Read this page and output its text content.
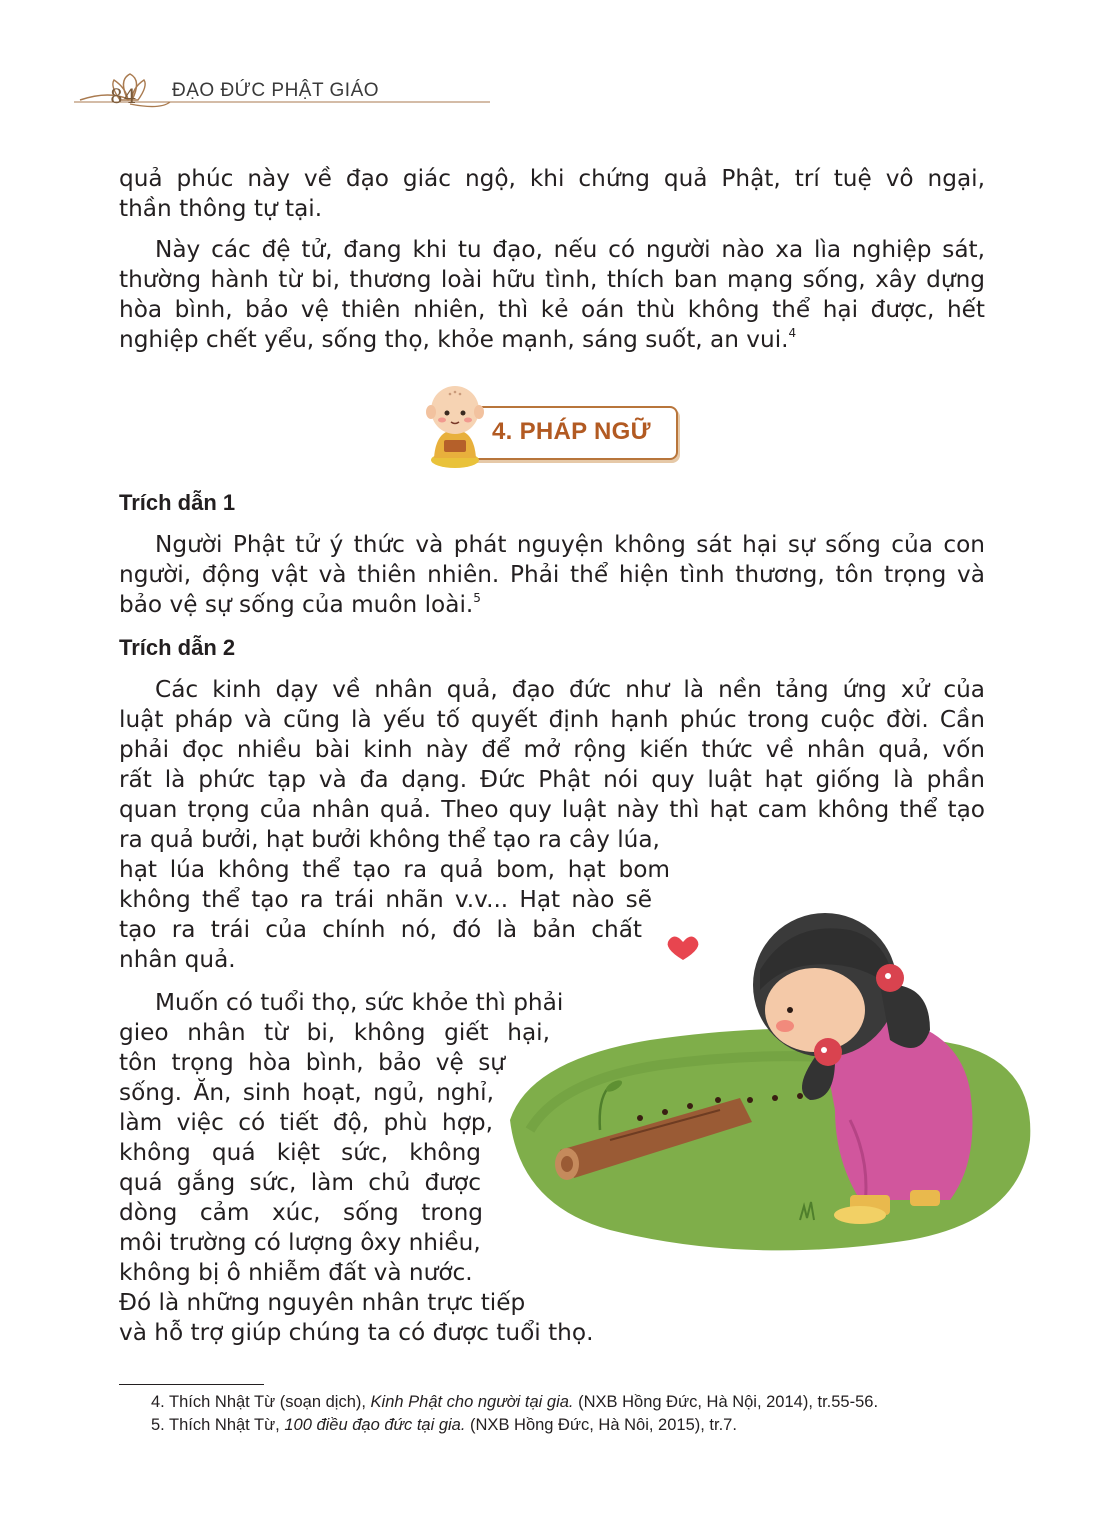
84 ĐẠO ĐỨC PHẬT GIÁO
quả phúc này về đạo giác ngộ, khi chứng quả Phật, trí tuệ vô ngại,
thần thông tự tại.
Này các đệ tử, đang khi tu đạo, nếu có người nào xa lìa nghiệp sát,
thường hành từ bi, thương loài hữu tình, thích ban mạng sống, xây dựng
hòa bình, bảo vệ thiên nhiên, thì kẻ oán thù không thể hại được, hết
nghiệp chết yểu, sống thọ, khỏe mạnh, sáng suốt, an vui.$^4$
4. PHÁP NGỮ
Trích dẫn 1
Người Phật tử ý thức và phát nguyện không sát hại sự sống của con
người, động vật và thiên nhiên. Phải thể hiện tình thương, tôn trọng và
bảo vệ sự sống của muôn loài.$^5$
Trích dẫn 2
Các kinh dạy về nhân quả, đạo đức như là nền tảng ứng xử của
luật pháp và cũng là yếu tố quyết định hạnh phúc trong cuộc đời. Cần
phải đọc nhiều bài kinh này để mở rộng kiến thức về nhân quả, vốn
rất là phức tạp và đa dạng. Đức Phật nói quy luật hạt giống là phần
quan trọng của nhân quả. Theo quy luật này thì hạt cam không thể tạo
ra quả bưởi, hạt bưởi không thể tạo ra cây lúa,
hạt lúa không thể tạo ra quả bom, hạt bom
không thể tạo ra trái nhãn v.v... Hạt nào sẽ
tạo ra trái của chính nó, đó là bản chất
nhân quả.
Muốn có tuổi thọ, sức khỏe thì phải
gieo nhân từ bi, không giết hại,
tôn trọng hòa bình, bảo vệ sự
sống. Ăn, sinh hoạt, ngủ, nghỉ,
làm việc có tiết độ, phù hợp,
không quá kiệt sức, không
quá gắng sức, làm chủ được
dòng cảm xúc, sống trong
môi trường có lượng ôxy nhiều,
không bị ô nhiễm đất và nước.
Đó là những nguyên nhân trực tiếp
và hỗ trợ giúp chúng ta có được tuổi thọ.
4. Thích Nhật Từ (soạn dịch), Kinh Phật cho người tại gia. (NXB Hồng Đức, Hà Nội, 2014), tr.55-56.
5. Thích Nhật Từ, 100 điều đạo đức tại gia. (NXB Hồng Đức, Hà Nôi, 2015), tr.7.
